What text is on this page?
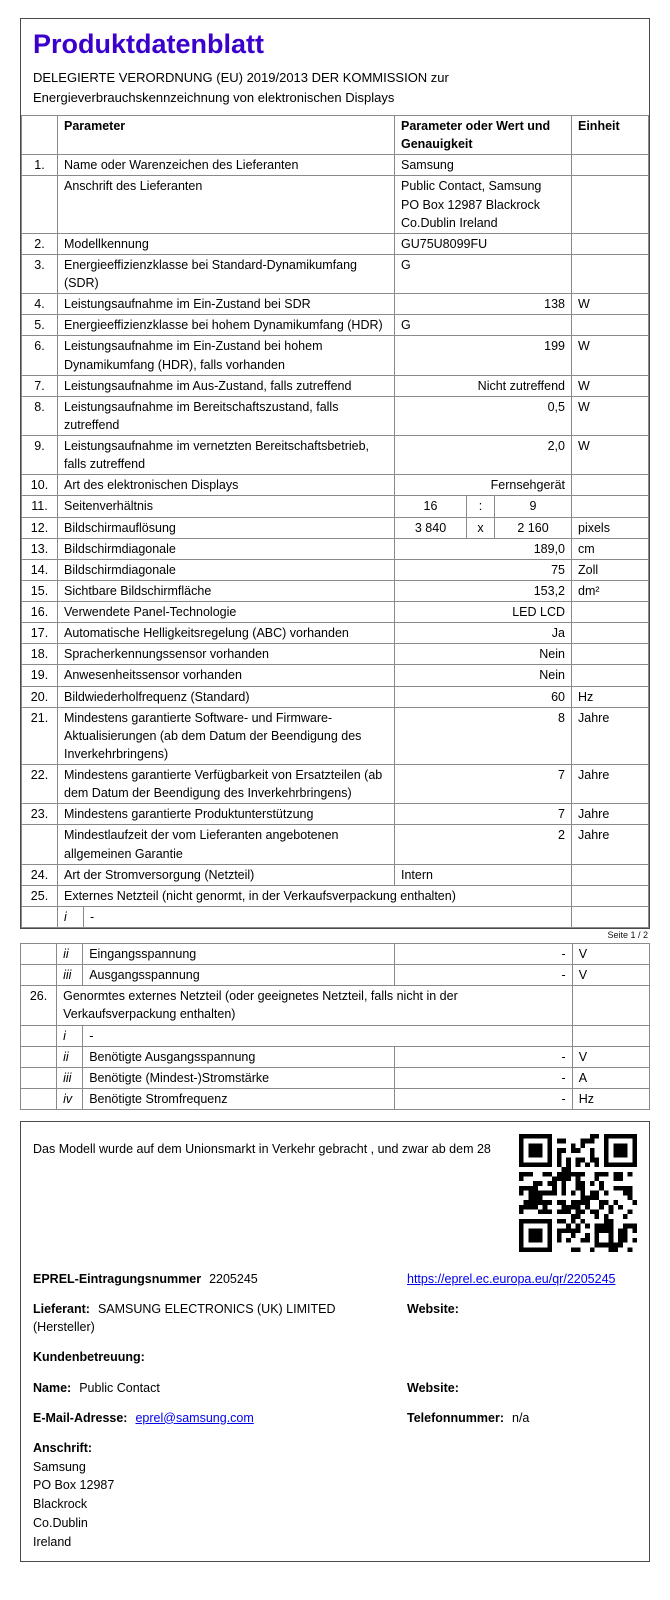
Produktdatenblatt
DELEGIERTE VERORDNUNG (EU) 2019/2013 DER KOMMISSION zur
Energieverbrauchskennzeichnung von elektronischen Displays
	Parameter		Parameter oder Wert und Genauigkeit			Einheit
1.	Name oder Warenzeichen des Lieferanten		Samsung			
	Anschrift des Lieferanten		Public Contact, Samsung
PO Box 12987 Blackrock
Co.Dublin Ireland			
2.	Modellkennung		GU75U8099FU			
3.	Energieeffizienzklasse bei Standard-Dynamikumfang (SDR)		G			
4.	Leistungsaufnahme im Ein-Zustand bei SDR		138			W
5.	Energieeffizienzklasse bei hohem Dynamikumfang (HDR)		G			
6.	Leistungsaufnahme im Ein-Zustand bei hohem Dynamikumfang (HDR), falls vorhanden		199			W
7.	Leistungsaufnahme im Aus-Zustand, falls zutreffend		Nicht zutreffend			W
8.	Leistungsaufnahme im Bereitschaftszustand, falls zutreffend		0,5			W
9.	Leistungsaufnahme im vernetzten Bereitschaftsbetrieb, falls zutreffend		2,0			W
10.	Art des elektronischen Displays		Fernsehgerät			
11.	Seitenverhältnis		16	:	9	
12.	Bildschirmauflösung		3 840	x	2 160	pixels
13.	Bildschirmdiagonale		189,0			cm
14.	Bildschirmdiagonale		75			Zoll
15.	Sichtbare Bildschirmfläche		153,2			dm²
16.	Verwendete Panel-Technologie		LED LCD			
17.	Automatische Helligkeitsregelung (ABC) vorhanden		Ja			
18.	Spracherkennungssensor vorhanden		Nein			
19.	Anwesenheitssensor vorhanden		Nein			
20.	Bildwiederholfrequenz (Standard)		60			Hz
21.	Mindestens garantierte Software- und Firmware-Aktualisierungen (ab dem Datum der Beendigung des Inverkehrbringens)		8			Jahre
22.	Mindestens garantierte Verfügbarkeit von Ersatzteilen (ab dem Datum der Beendigung des Inverkehrbringens)		7			Jahre
23.	Mindestens garantierte Produktunterstützung		7			Jahre
	Mindestlaufzeit der vom Lieferanten angebotenen allgemeinen Garantie		2			Jahre
24.	Art der Stromversorgung (Netzteil)		Intern			
25.	Externes Netzteil (nicht genormt, in der Verkaufsverpackung enthalten)					
	i	-				
Seite 1 / 2
	ii	Eingangsspannung	-	V
	iii	Ausgangsspannung	-	V
26.	Genormtes externes Netzteil (oder geeignetes Netzteil, falls nicht in der Verkaufsverpackung enthalten)			
	i	-		
	ii	Benötigte Ausgangsspannung	-	V
	iii	Benötigte (Mindest-)Stromstärke	-	A
	iv	Benötigte Stromfrequenz	-	Hz
Das Modell wurde auf dem Unionsmarkt in Verkehr gebracht , und zwar ab dem 28
EPREL-Eintragungsnummer 2205245	https://eprel.ec.europa.eu/qr/2205245
Lieferant: SAMSUNG ELECTRONICS (UK) LIMITED (Hersteller)
Website:
Kundenbetreuung:
Name: Public Contact	Website:
E-Mail-Adresse: eprel@samsung.com	Telefonnummer: n/a
Anschrift:
Samsung
PO Box 12987
Blackrock
Co.Dublin
Ireland
